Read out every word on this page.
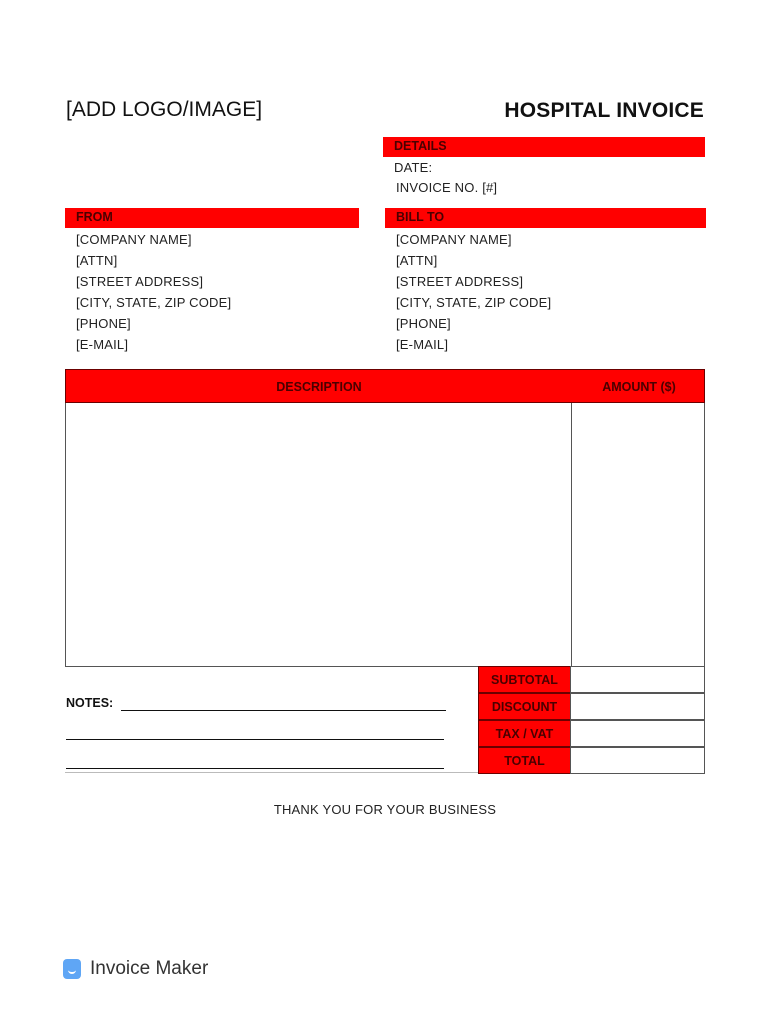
[ADD LOGO/IMAGE]	HOSPITAL INVOICE
DETAILS
DATE:
INVOICE NO. [#]
FROM
[COMPANY NAME]
[ATTN]
[STREET ADDRESS]
[CITY, STATE, ZIP CODE]
[PHONE]
[E-MAIL]
BILL TO
[COMPANY NAME]
[ATTN]
[STREET ADDRESS]
[CITY, STATE, ZIP CODE]
[PHONE]
[E-MAIL]
DESCRIPTION	AMOUNT ($)
SUBTOTAL
DISCOUNT
TAX / VAT
TOTAL
NOTES:
THANK YOU FOR YOUR BUSINESS
Invoice Maker
